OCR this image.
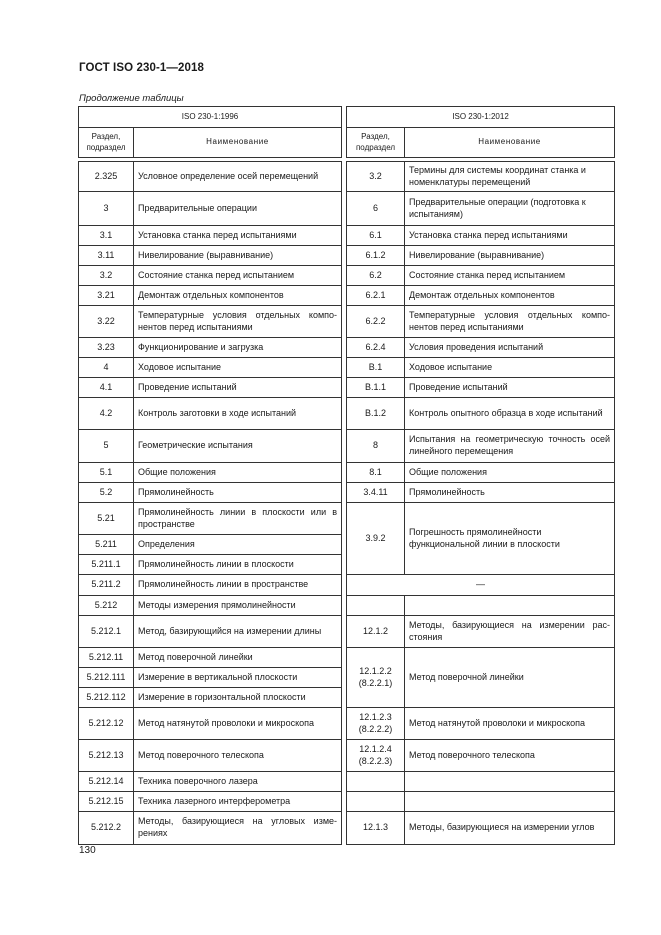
ГОСТ ISO 230-1—2018
Продолжение таблицы
ISO 230-1:1996			ISO 230-1:2012	
Раздел, подраздел	Наименование		Раздел, подраздел	Наименование

2.325	Условное определение осей перемещений		3.2	Термины для системы координат станка и номенклатуры перемещений
3	Предварительные операции		6	Предварительные операции (подготовка к испытаниям)
3.1	Установка станка перед испытаниями		6.1	Установка станка перед испытаниями
3.11	Нивелирование (выравнивание)		6.1.2	Нивелирование (выравнивание)
3.2	Состояние станка перед испытанием		6.2	Состояние станка перед испытанием
3.21	Демонтаж отдельных компонентов		6.2.1	Демонтаж отдельных компонентов
3.22	Температурные условия отдельных компонентов перед испытаниями		6.2.2	Температурные условия отдельных компонентов перед испытаниями
3.23	Функционирование и загрузка		6.2.4	Условия проведения испытаний
4	Ходовое испытание		В.1	Ходовое испытание
4.1	Проведение испытаний		В.1.1	Проведение испытаний
4.2	Контроль заготовки в ходе испытаний		В.1.2	Контроль опытного образца в ходе испытаний
5	Геометрические испытания		8	Испытания на геометрическую точность осей линейного перемещения
5.1	Общие положения		8.1	Общие положения
5.2	Прямолинейность		3.4.11	Прямолинейность
5.21	Прямолинейность линии в плоскости или в пространстве		3.9.2	Погрешность прямолинейности функциональной линии в плоскости
5.211	Определения			
5.211.1	Прямолинейность линии в плоскости			
5.211.2	Прямолинейность линии в пространстве		—	
5.212	Методы измерения прямолинейности			
5.212.1	Метод, базирующийся на измерении длины		12.1.2	Методы, базирующиеся на измерении расстояния
5.212.11	Метод поверочной линейки		12.1.2.2 (8.2.2.1)	Метод поверочной линейки
5.212.111	Измерение в вертикальной плоскости			
5.212.112	Измерение в горизонтальной плоскости			
5.212.12	Метод натянутой проволоки и микроскопа		12.1.2.3 (8.2.2.2)	Метод натянутой проволоки и микроскопа
5.212.13	Метод поверочного телескопа		12.1.2.4 (8.2.2.3)	Метод поверочного телескопа
5.212.14	Техника поверочного лазера			
5.212.15	Техника лазерного интерферометра			
5.212.2	Методы, базирующиеся на угловых измерениях		12.1.3	Методы, базирующиеся на измерении углов
130
